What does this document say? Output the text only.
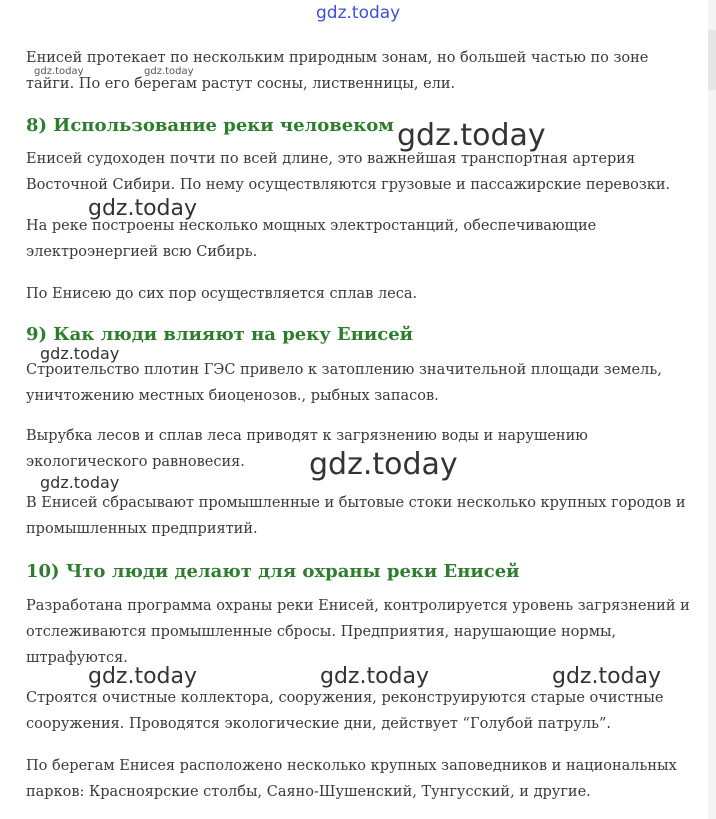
gdz.today
gdz.today	gdz.today
gdz.today
gdz.today
gdz.today
gdz.today
gdz.today
gdz.today	gdz.today	gdz.today

Енисей протекает по нескольким природным зонам, но большей частью по зоне тайги. По его берегам растут сосны, лиственницы, ели.

8) Использование реки человеком

Енисей судоходен почти по всей длине, это важнейшая транспортная артерия Восточной Сибири. По нему осуществляются грузовые и пассажирские перевозки.

На реке построены несколько мощных электростанций, обеспечивающие электроэнергией всю Сибирь.

По Енисею до сих пор осуществляется сплав леса.

9) Как люди влияют на реку Енисей

Строительство плотин ГЭС привело к затоплению значительной площади земель, уничтожению местных биоценозов., рыбных запасов.

Вырубка лесов и сплав леса приводят к загрязнению воды и нарушению экологического равновесия.

В Енисей сбрасывают промышленные и бытовые стоки несколько крупных городов и промышленных предприятий.

10) Что люди делают для охраны реки Енисей

Разработана программа охраны реки Енисей, контролируется уровень загрязнений и отслеживаются промышленные сбросы. Предприятия, нарушающие нормы, штрафуются.

Строятся очистные коллектора, сооружения, реконструируются старые очистные сооружения. Проводятся экологические дни, действует “Голубой патруль”.

По берегам Енисея расположено несколько крупных заповедников и национальных парков: Красноярские столбы, Саяно-Шушенский, Тунгусский, и другие.
